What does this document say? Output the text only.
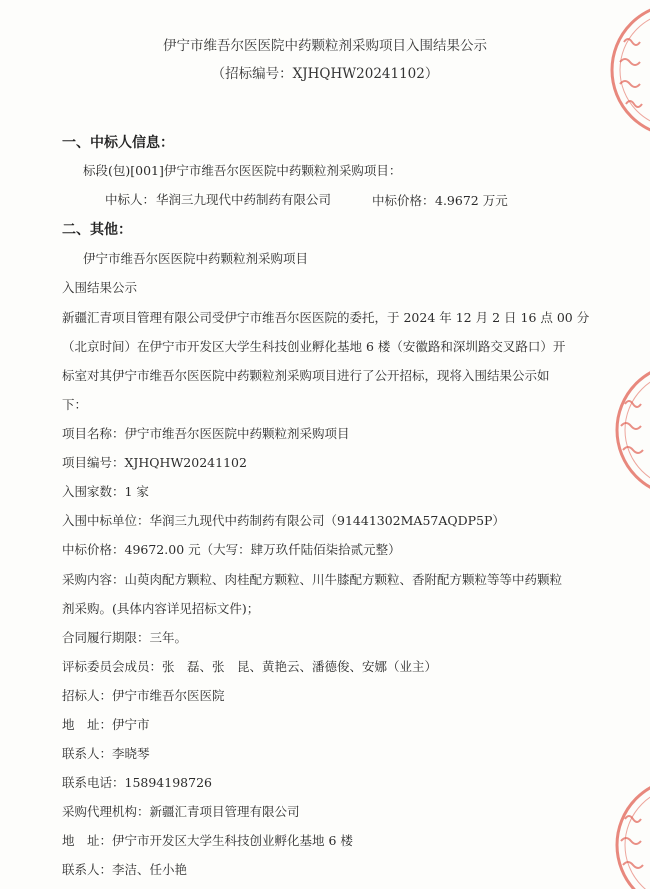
伊宁市维吾尔医医院中药颗粒剂采购项目入围结果公示
（招标编号：XJHQHW20241102）
一、中标人信息：
标段(包)[001]伊宁市维吾尔医医院中药颗粒剂采购项目：
中标人： 华润三九现代中药制药有限公司	中标价格： 4.9672 万元
二、其他：
伊宁市维吾尔医医院中药颗粒剂采购项目
入围结果公示
新疆汇青项目管理有限公司受伊宁市维吾尔医医院的委托，于 2024 年 12 月 2 日 16 点 00 分
（北京时间）在伊宁市开发区大学生科技创业孵化基地 6 楼（安徽路和深圳路交叉路口）开
标室对其伊宁市维吾尔医医院中药颗粒剂采购项目进行了公开招标，现将入围结果公示如
下：
项目名称：伊宁市维吾尔医医院中药颗粒剂采购项目
项目编号：XJHQHW20241102
入围家数：1 家
入围中标单位：华润三九现代中药制药有限公司（91441302MA57AQDP5P）
中标价格：49672.00 元（大写：肆万玖仟陆佰柒拾贰元整）
采购内容：山萸肉配方颗粒、肉桂配方颗粒、川牛膝配方颗粒、香附配方颗粒等等中药颗粒
剂采购。(具体内容详见招标文件)；
合同履行期限：三年。
评标委员会成员：张　磊、张　昆、黄艳云、潘德俊、安娜（业主）
招标人：伊宁市维吾尔医医院
地　址：伊宁市
联系人：李晓琴
联系电话：15894198726
采购代理机构：新疆汇青项目管理有限公司
地　址：伊宁市开发区大学生科技创业孵化基地 6 楼
联系人：李洁、任小艳
